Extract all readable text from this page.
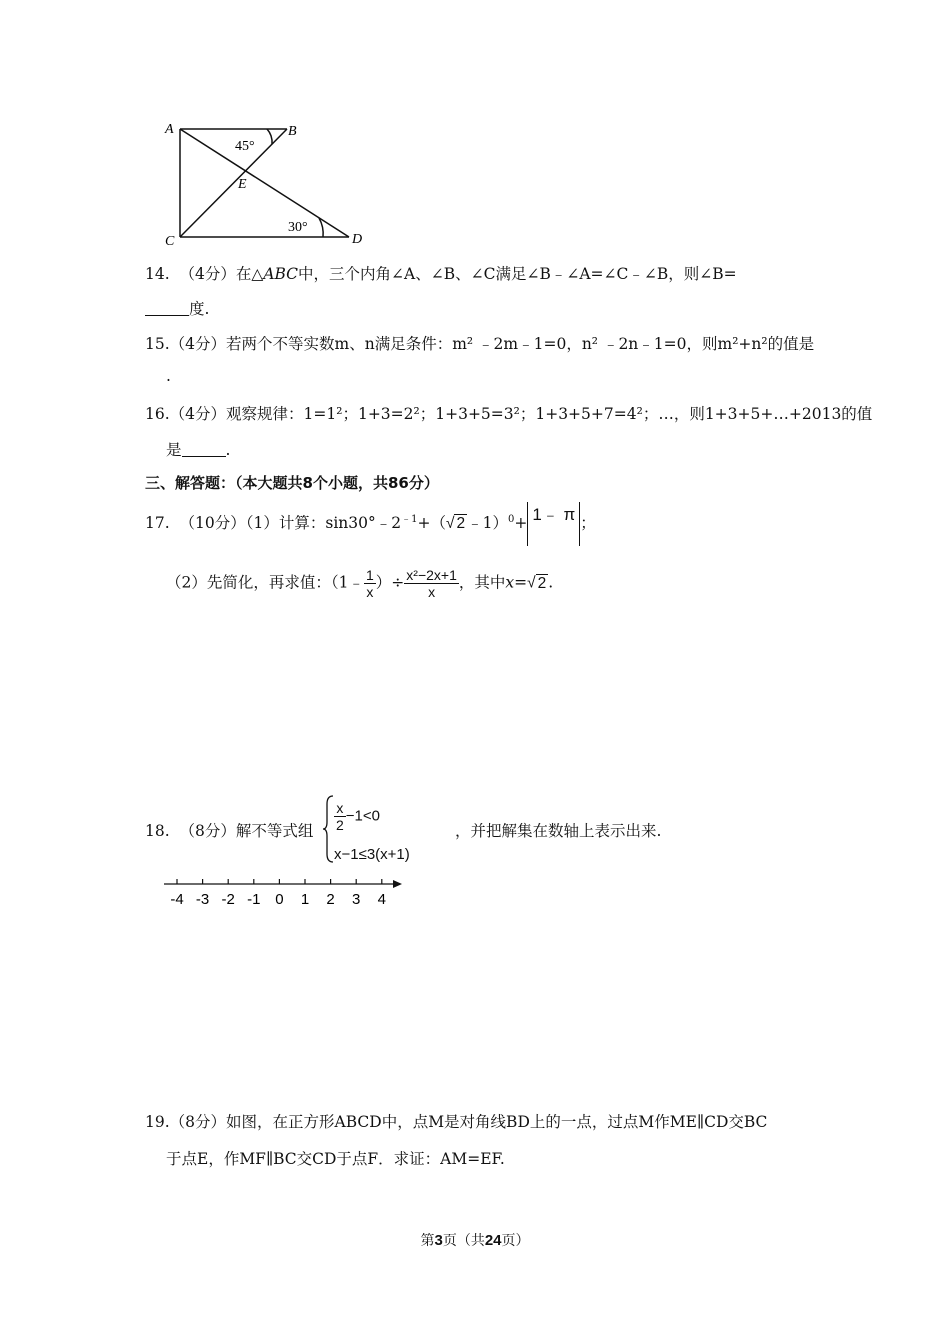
A	B
C	D
E
45°
30°
14. （4分）在△ABC中，三个内角∠A、∠B、∠C满足∠B﹣∠A=∠C﹣∠B，则∠B=
度.
15.（4分）若两个不等实数m、n满足条件：m² ﹣2m﹣1=0，n² ﹣2n﹣1=0，则m²+n²的值是
.
16.（4分）观察规律：1=1²；1+3=2²；1+3+5=3²；1+3+5+7=4²；…，则1+3+5+…+2013的值
是	.
三、解答题：（本大题共8个小题，共86分）
17. （10分）（1）计算：$\sin 30^\circ﹣2^{﹣1}+(√$ 2 ﹣1）$^0$+ 1﹣ π ；
（2）先简化，再求值：（1﹣ $\frac{1}{x}$ ）÷ $\frac{\text{x²−2x+1}}{x}$ ，其中x=√ 2 .
18. （8分）解不等式组 $\frac{x}{2} -1<0$
x−1≤3(x+1)
，并把解集在数轴上表示出来.
-4 -3 -2 -1 0 1 2 3 4
19.（8分）如图，在正方形ABCD中，点M是对角线BD上的一点，过点M作ME∥CD交BC
于点E，作MF∥BC交CD于点F．求证：AM=EF.
第3页（共24页）
